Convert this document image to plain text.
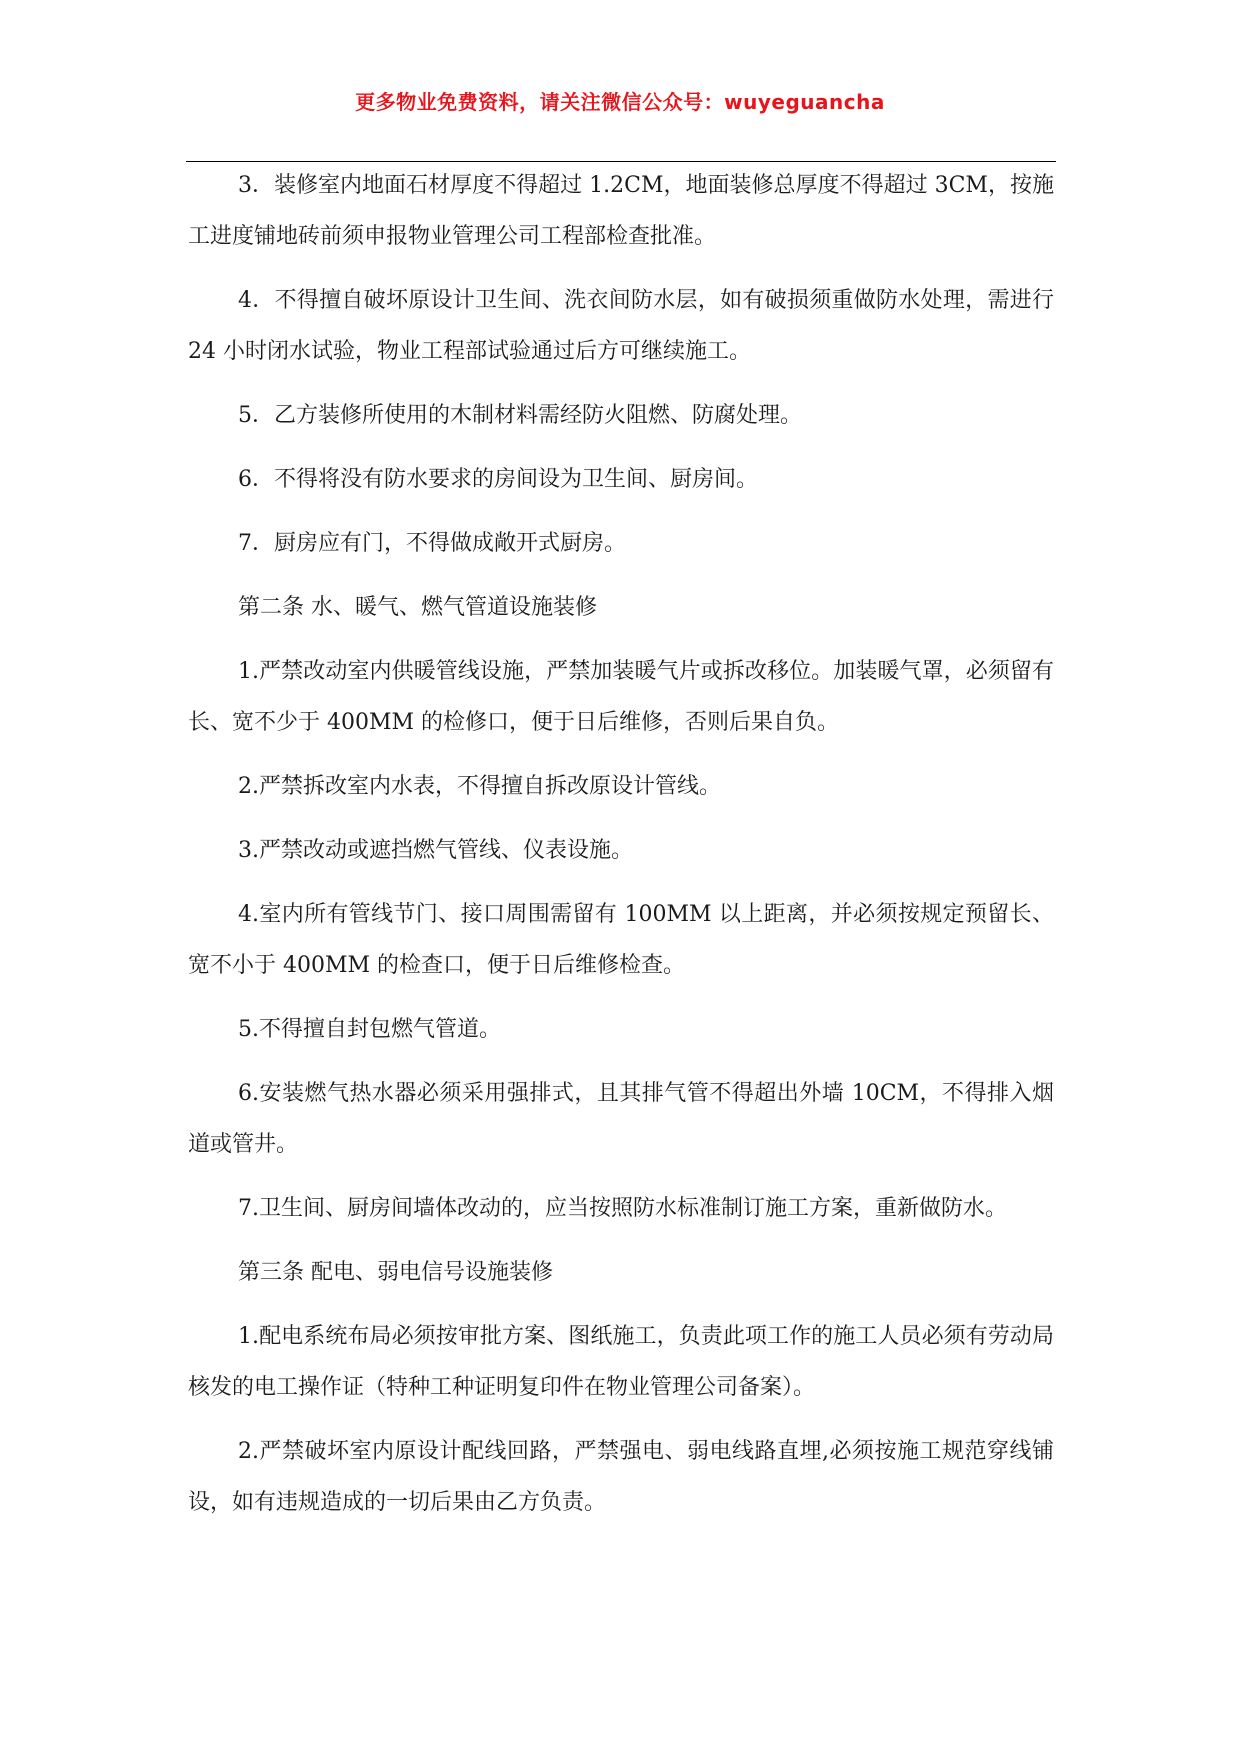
更多物业免费资料，请关注微信公众号：wuyeguancha

3．装修室内地面石材厚度不得超过 1.2CM，地面装修总厚度不得超过 3CM，按施工进度铺地砖前须申报物业管理公司工程部检查批准。

4．不得擅自破坏原设计卫生间、洗衣间防水层，如有破损须重做防水处理，需进行 24 小时闭水试验，物业工程部试验通过后方可继续施工。

5．乙方装修所使用的木制材料需经防火阻燃、防腐处理。

6．不得将没有防水要求的房间设为卫生间、厨房间。

7．厨房应有门，不得做成敞开式厨房。

第二条 水、暖气、燃气管道设施装修

1.严禁改动室内供暖管线设施，严禁加装暖气片或拆改移位。加装暖气罩，必须留有长、宽不少于 400MM 的检修口，便于日后维修，否则后果自负。

2.严禁拆改室内水表，不得擅自拆改原设计管线。

3.严禁改动或遮挡燃气管线、仪表设施。

4.室内所有管线节门、接口周围需留有 100MM 以上距离，并必须按规定预留长、宽不小于 400MM 的检查口，便于日后维修检查。

5.不得擅自封包燃气管道。

6.安装燃气热水器必须采用强排式，且其排气管不得超出外墙 10CM，不得排入烟道或管井。

7.卫生间、厨房间墙体改动的，应当按照防水标准制订施工方案，重新做防水。

第三条 配电、弱电信号设施装修

1.配电系统布局必须按审批方案、图纸施工，负责此项工作的施工人员必须有劳动局核发的电工操作证（特种工种证明复印件在物业管理公司备案）。

2.严禁破坏室内原设计配线回路，严禁强电、弱电线路直埋,必须按施工规范穿线铺设，如有违规造成的一切后果由乙方负责。
